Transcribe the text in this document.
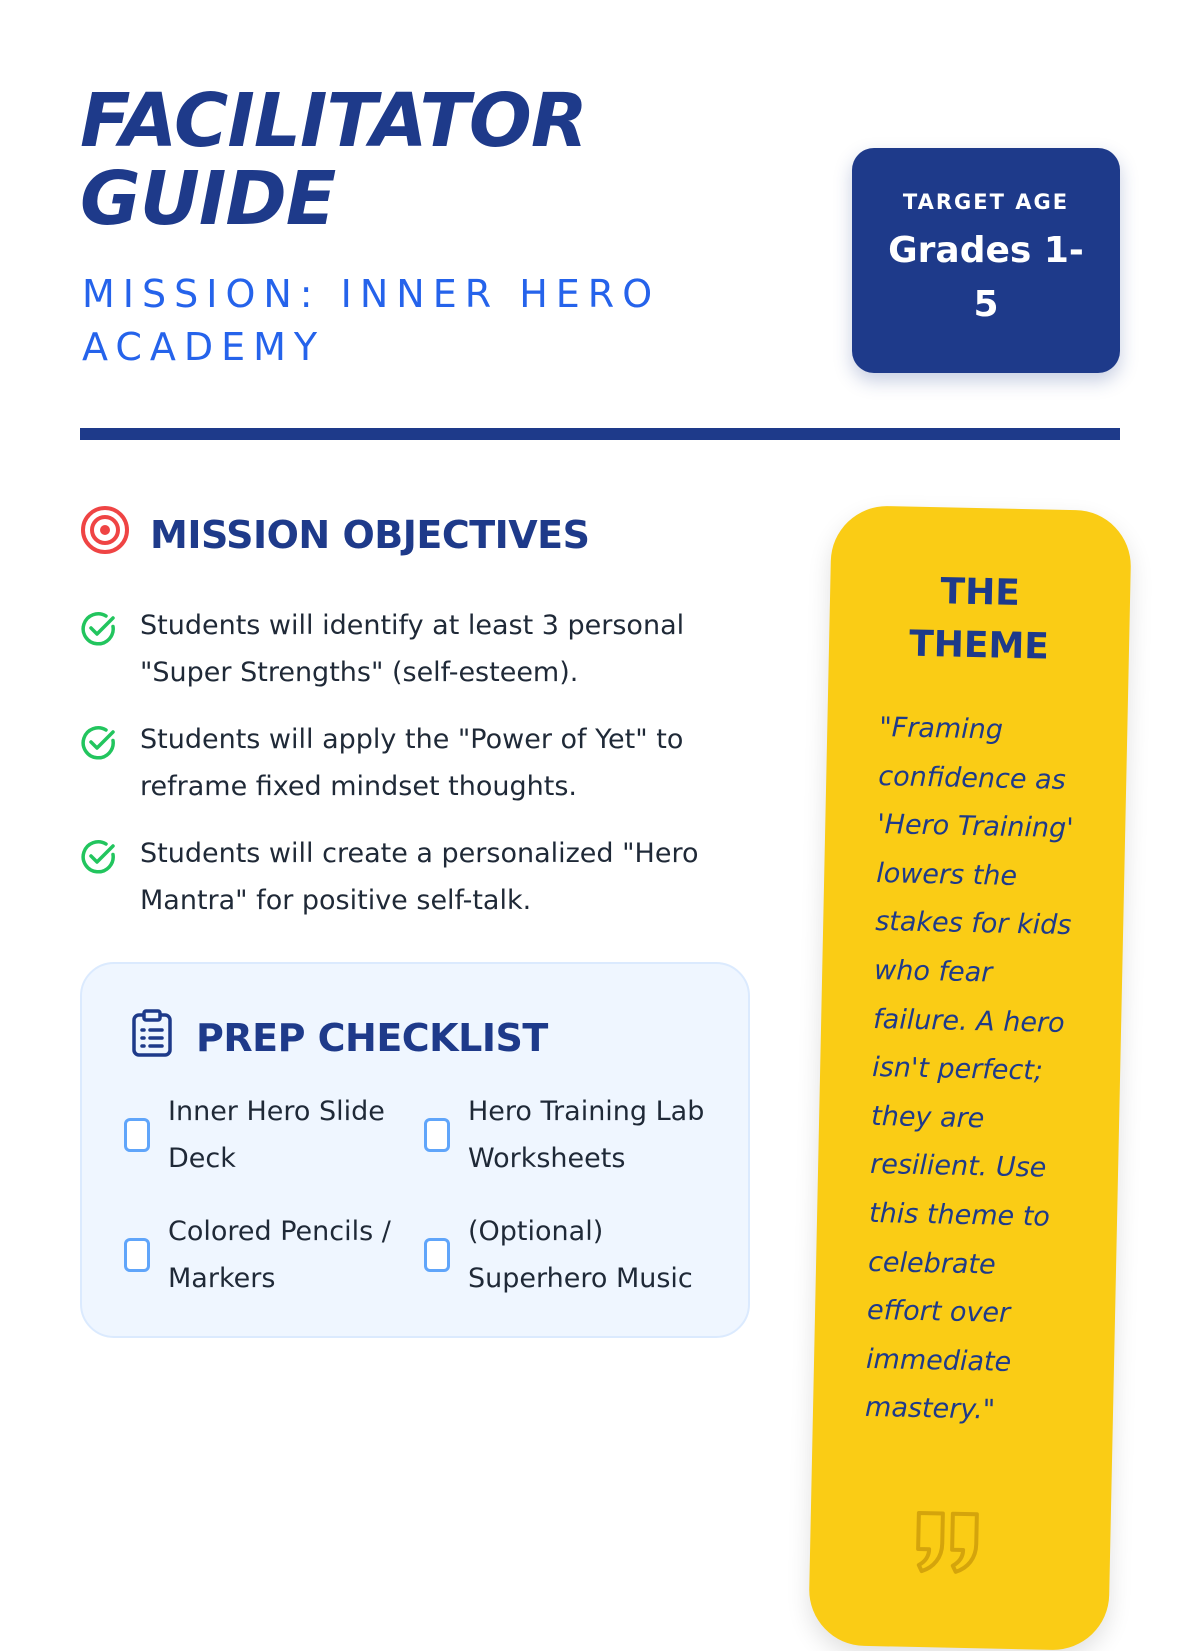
FACILITATOR GUIDE
MISSION: INNER HERO ACADEMY
TARGET AGE
Grades 1-5
MISSION OBJECTIVES
Students will identify at least 3 personal "Super Strengths" (self-esteem).
Students will apply the "Power of Yet" to reframe fixed mindset thoughts.
Students will create a personalized "Hero Mantra" for positive self-talk.
PREP CHECKLIST
Inner Hero Slide Deck
Hero Training Lab Worksheets
Colored Pencils / Markers
(Optional) Superhero Music
THE THEME
"Framing confidence as 'Hero Training' lowers the stakes for kids who fear failure. A hero isn't perfect; they are resilient. Use this theme to celebrate effort over immediate mastery."
